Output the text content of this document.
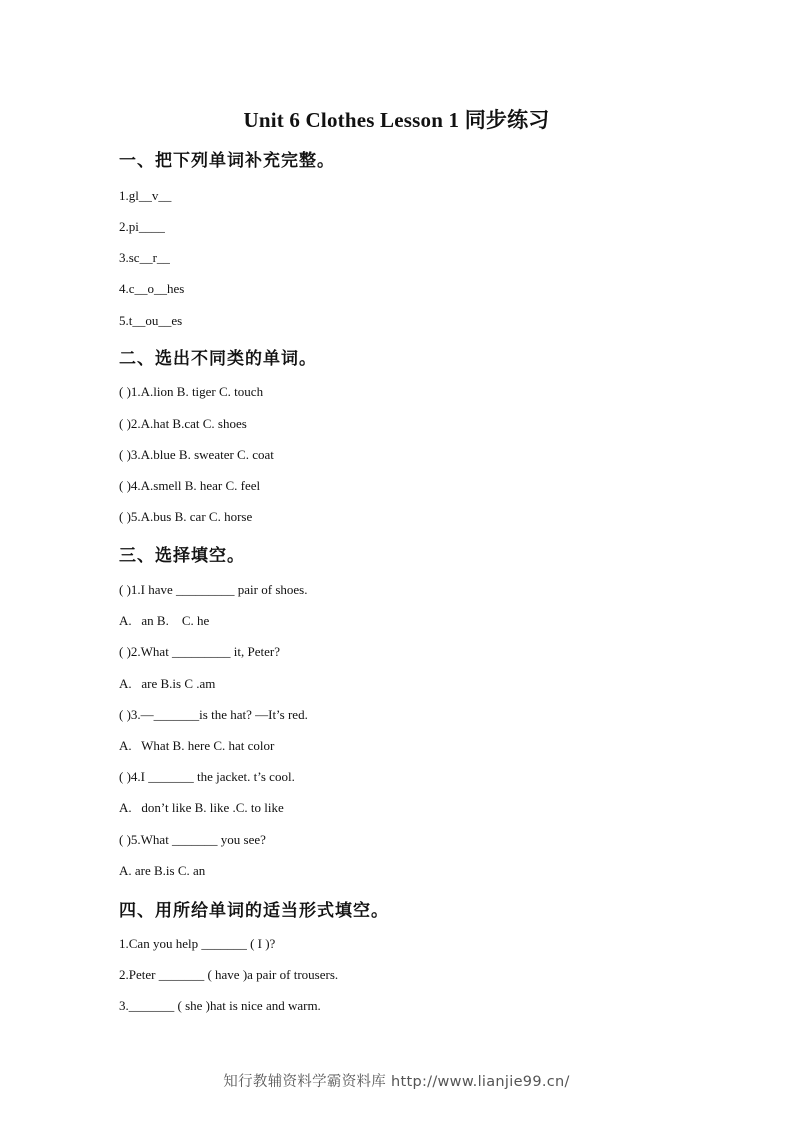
Unit 6 Clothes Lesson 1 同步练习
一、把下列单词补充完整。
1.gl__v__
2.pi____
3.sc__r__
4.c__o__hes
5.t__ou__es
二、选出不同类的单词。
( )1.A.lion B. tiger C. touch
( )2.A.hat B.cat C. shoes
( )3.A.blue B. sweater C. coat
( )4.A.smell B. hear C. feel
( )5.A.bus B. car C. horse
三、选择填空。
( )1.I have _________ pair of shoes.
A.   an B.    C. he
( )2.What _________ it, Peter?
A.   are B.is C .am
( )3.—_______is the hat? —It’s red.
A.   What B. here C. hat color
( )4.I _______ the jacket. t’s cool.
A.   don’t like B. like .C. to like
( )5.What _______ you see?
A. are B.is C. an
四、用所给单词的适当形式填空。
1.Can you help _______ ( I )?
2.Peter _______ ( have )a pair of trousers.
3._______ ( she )hat is nice and warm.
知行教辅资料学霸资料库 http://www.lianjie99.cn/
